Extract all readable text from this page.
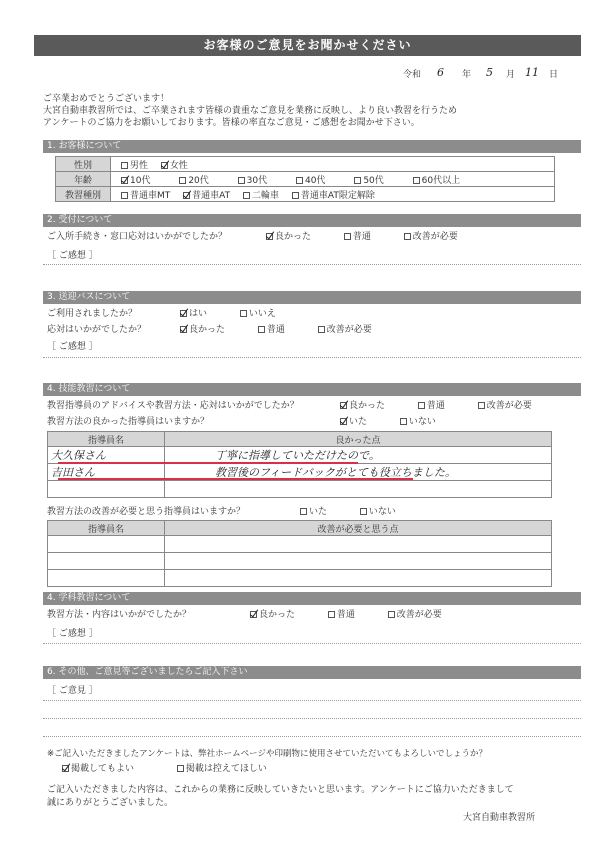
お客様のご意見をお聞かせください
令和 6 年 5 月 11 日
ご卒業おめでとうございます！
大宮自動車教習所では、ご卒業されます皆様の貴重なご意見を業務に反映し、より良い教習を行うため
アンケートのご協力をお願いしております。皆様の率直なご意見・ご感想をお聞かせ下さい。
1. お客様について
性別	男性 女性
年齢	10代 20代 30代 40代 50代 60代以上
教習種別	普通車MT 普通車AT 二輪車 普通車AT限定解除
2. 受付について
ご入所手続き・窓口応対はいかがでしたか？	良かった	普通	改善が必要
［ ご感想 ］
3. 送迎バスについて
ご利用されましたか？	はい	いいえ
応対はいかがでしたか？	良かった	普通	改善が必要
［ ご感想 ］
4. 技能教習について
教習指導員のアドバイスや教習方法・応対はいかがでしたか？	良かった	普通	改善が必要
教習方法の良かった指導員はいますか？	いた	いない
指導員名	良かった点
大久保さん	丁寧に指導していただけたので。
吉田さん	教習後のフィードバックがとても役立ちました。

教習方法の改善が必要と思う指導員はいますか？	いた	いない
指導員名	改善が必要と思う点

4. 学科教習について
教習方法・内容はいかがでしたか？	良かった	普通	改善が必要
［ ご感想 ］
6. その他、ご意見等ございましたらご記入下さい
［ ご意見 ］
※ご記入いただきましたアンケートは、弊社ホームページや印刷物に使用させていただいてもよろしいでしょうか？
掲載してもよい	掲載は控えてほしい
ご記入いただきました内容は、これからの業務に反映していきたいと思います。アンケートにご協力いただきまして
誠にありがとうございました。
大宮自動車教習所
